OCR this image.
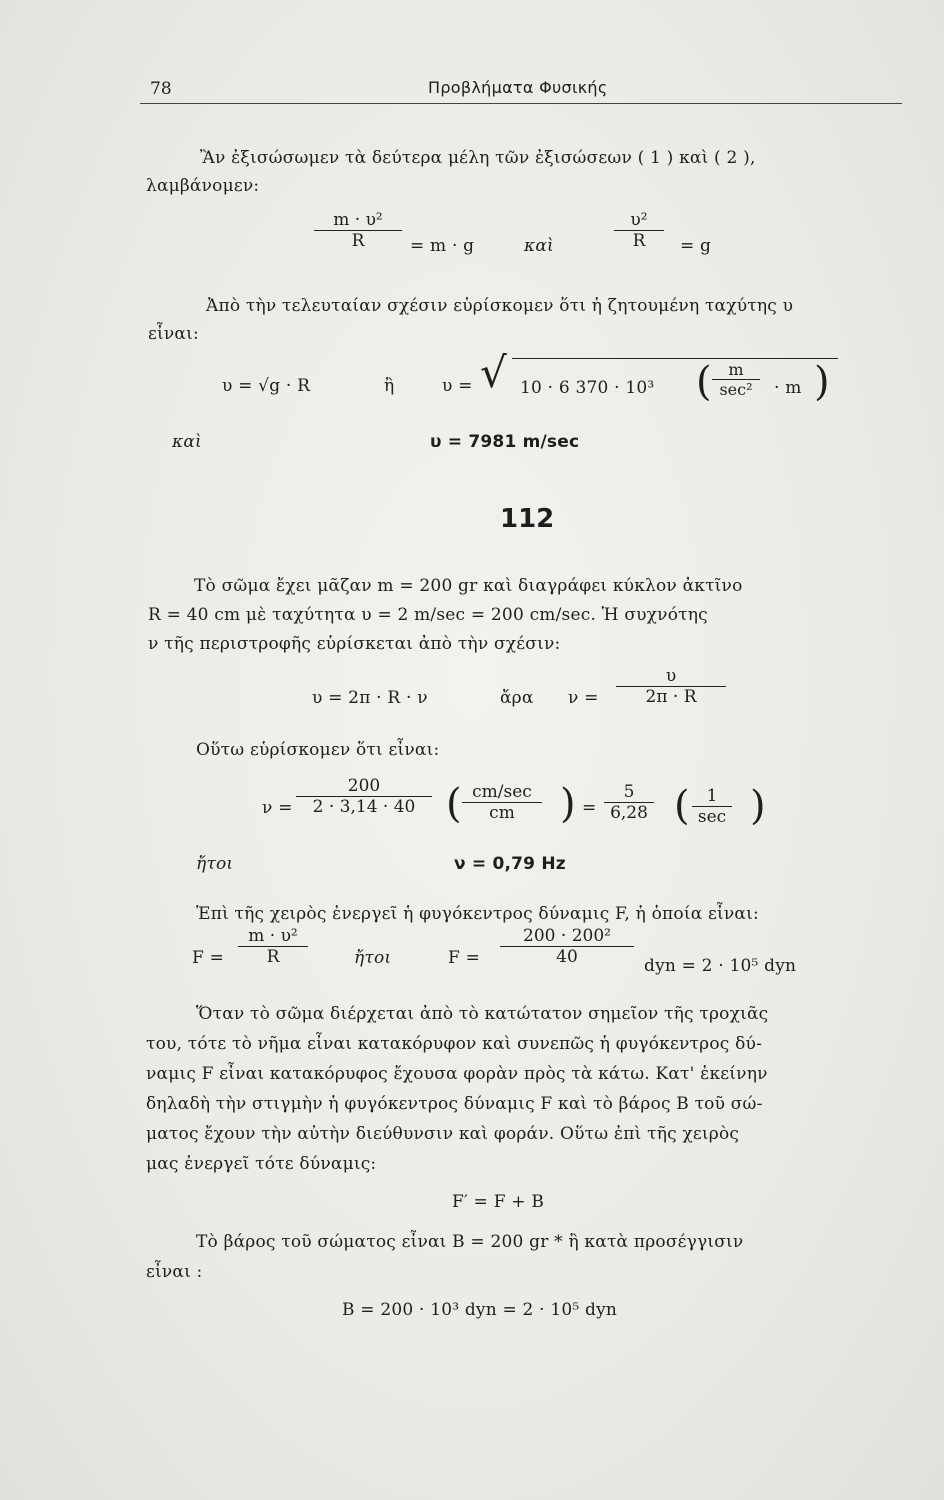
78	Προβλήματα Φυσικής
Ἂν ἐξισώσωμεν τὰ δεύτερα μέλη τῶν ἐξισώσεων ( 1 ) καὶ ( 2 ),
λαμβάνομεν:
m · υ²
R	= m · g	καὶ
υ²
R	= g
Ἀπὸ τὴν τελευταίαν σχέσιν εὑρίσκομεν ὅτι ἡ ζητουμένη ταχύτης υ
εἶναι:
υ = √g · R	ἢ	υ = √ 10 · 6 370 · 10³ (	m
sec²	· m )
καὶ	υ = 7981 m/sec
112
Τὸ σῶμα ἔχει μᾶζαν m = 200 gr καὶ διαγράφει κύκλον ἀκτῖνο
R = 40 cm μὲ ταχύτητα υ = 2 m/sec = 200 cm/sec. Ἡ συχνότης
ν τῆς περιστροφῆς εὑρίσκεται ἀπὸ τὴν σχέσιν:
υ = 2π · R · ν	ἄρα ν =
υ
2π · R
Οὕτω εὑρίσκομεν ὅτι εἶναι:
ν =
200
2 · 3,14 · 40 ( cm/sec
cm	) =
5
6,28 ( 1
sec )
ἤτοι	ν = 0,79 Hz
Ἐπὶ τῆς χειρὸς ἐνεργεῖ ἡ φυγόκεντρος δύναμις F, ἡ ὁποία εἶναι:
F =
m · υ²
R	ἤτοι	F =
200 · 200²
40	dyn = 2 · 10⁵ dyn
Ὅταν τὸ σῶμα διέρχεται ἀπὸ τὸ κατώτατον σημεῖον τῆς τροχιᾶς
του, τότε τὸ νῆμα εἶναι κατακόρυφον καὶ συνεπῶς ἡ φυγόκεντρος δύ-
ναμις F εἶναι κατακόρυφος ἔχουσα φορὰν πρὸς τὰ κάτω. Κατ' ἐκείνην
δηλαδὴ τὴν στιγμὴν ἡ φυγόκεντρος δύναμις F καὶ τὸ βάρος B τοῦ σώ-
ματος ἔχουν τὴν αὐτὴν διεύθυνσιν καὶ φοράν. Οὕτω ἐπὶ τῆς χειρὸς
μας ἐνεργεῖ τότε δύναμις:
F′ = F + B
Τὸ βάρος τοῦ σώματος εἶναι B = 200 gr * ἢ κατὰ προσέγγισιν
εἶναι :
B = 200 · 10³ dyn = 2 · 10⁵ dyn
